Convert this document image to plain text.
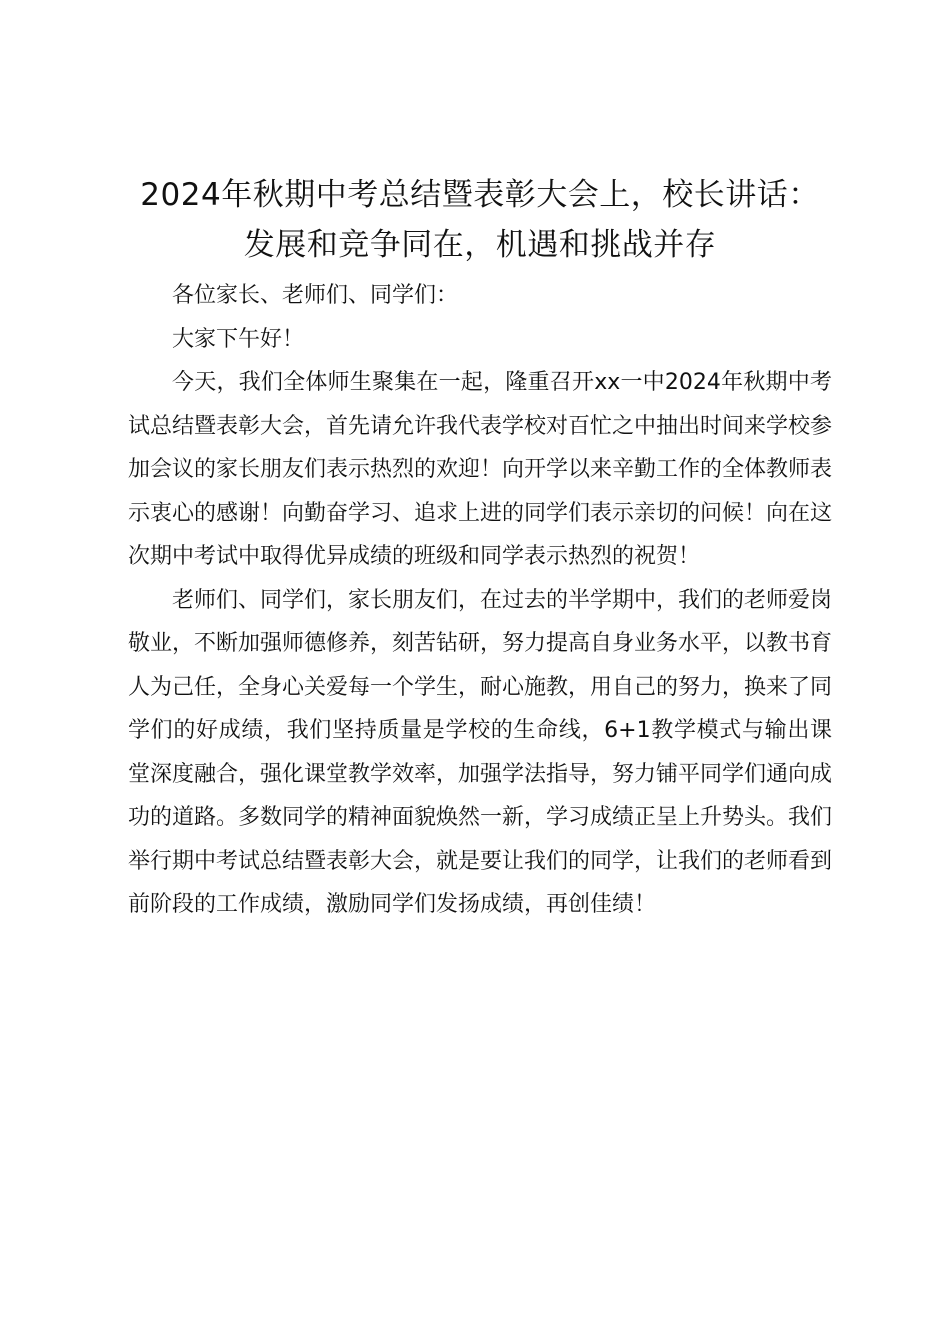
2024年秋期中考总结暨表彰大会上，校长讲话：发展和竞争同在，机遇和挑战并存

各位家长、老师们、同学们：

大家下午好！

今天，我们全体师生聚集在一起，隆重召开xx一中2024年秋期中考试总结暨表彰大会，首先请允许我代表学校对百忙之中抽出时间来学校参加会议的家长朋友们表示热烈的欢迎！向开学以来辛勤工作的全体教师表示衷心的感谢！向勤奋学习、追求上进的同学们表示亲切的问候！向在这次期中考试中取得优异成绩的班级和同学表示热烈的祝贺！

老师们、同学们，家长朋友们，在过去的半学期中，我们的老师爱岗敬业，不断加强师德修养，刻苦钻研，努力提高自身业务水平，以教书育人为己任，全身心关爱每一个学生，耐心施教，用自己的努力，换来了同学们的好成绩，我们坚持质量是学校的生命线，6+1教学模式与输出课堂深度融合，强化课堂教学效率，加强学法指导，努力铺平同学们通向成功的道路。多数同学的精神面貌焕然一新，学习成绩正呈上升势头。我们举行期中考试总结暨表彰大会，就是要让我们的同学，让我们的老师看到前阶段的工作成绩，激励同学们发扬成绩，再创佳绩！
